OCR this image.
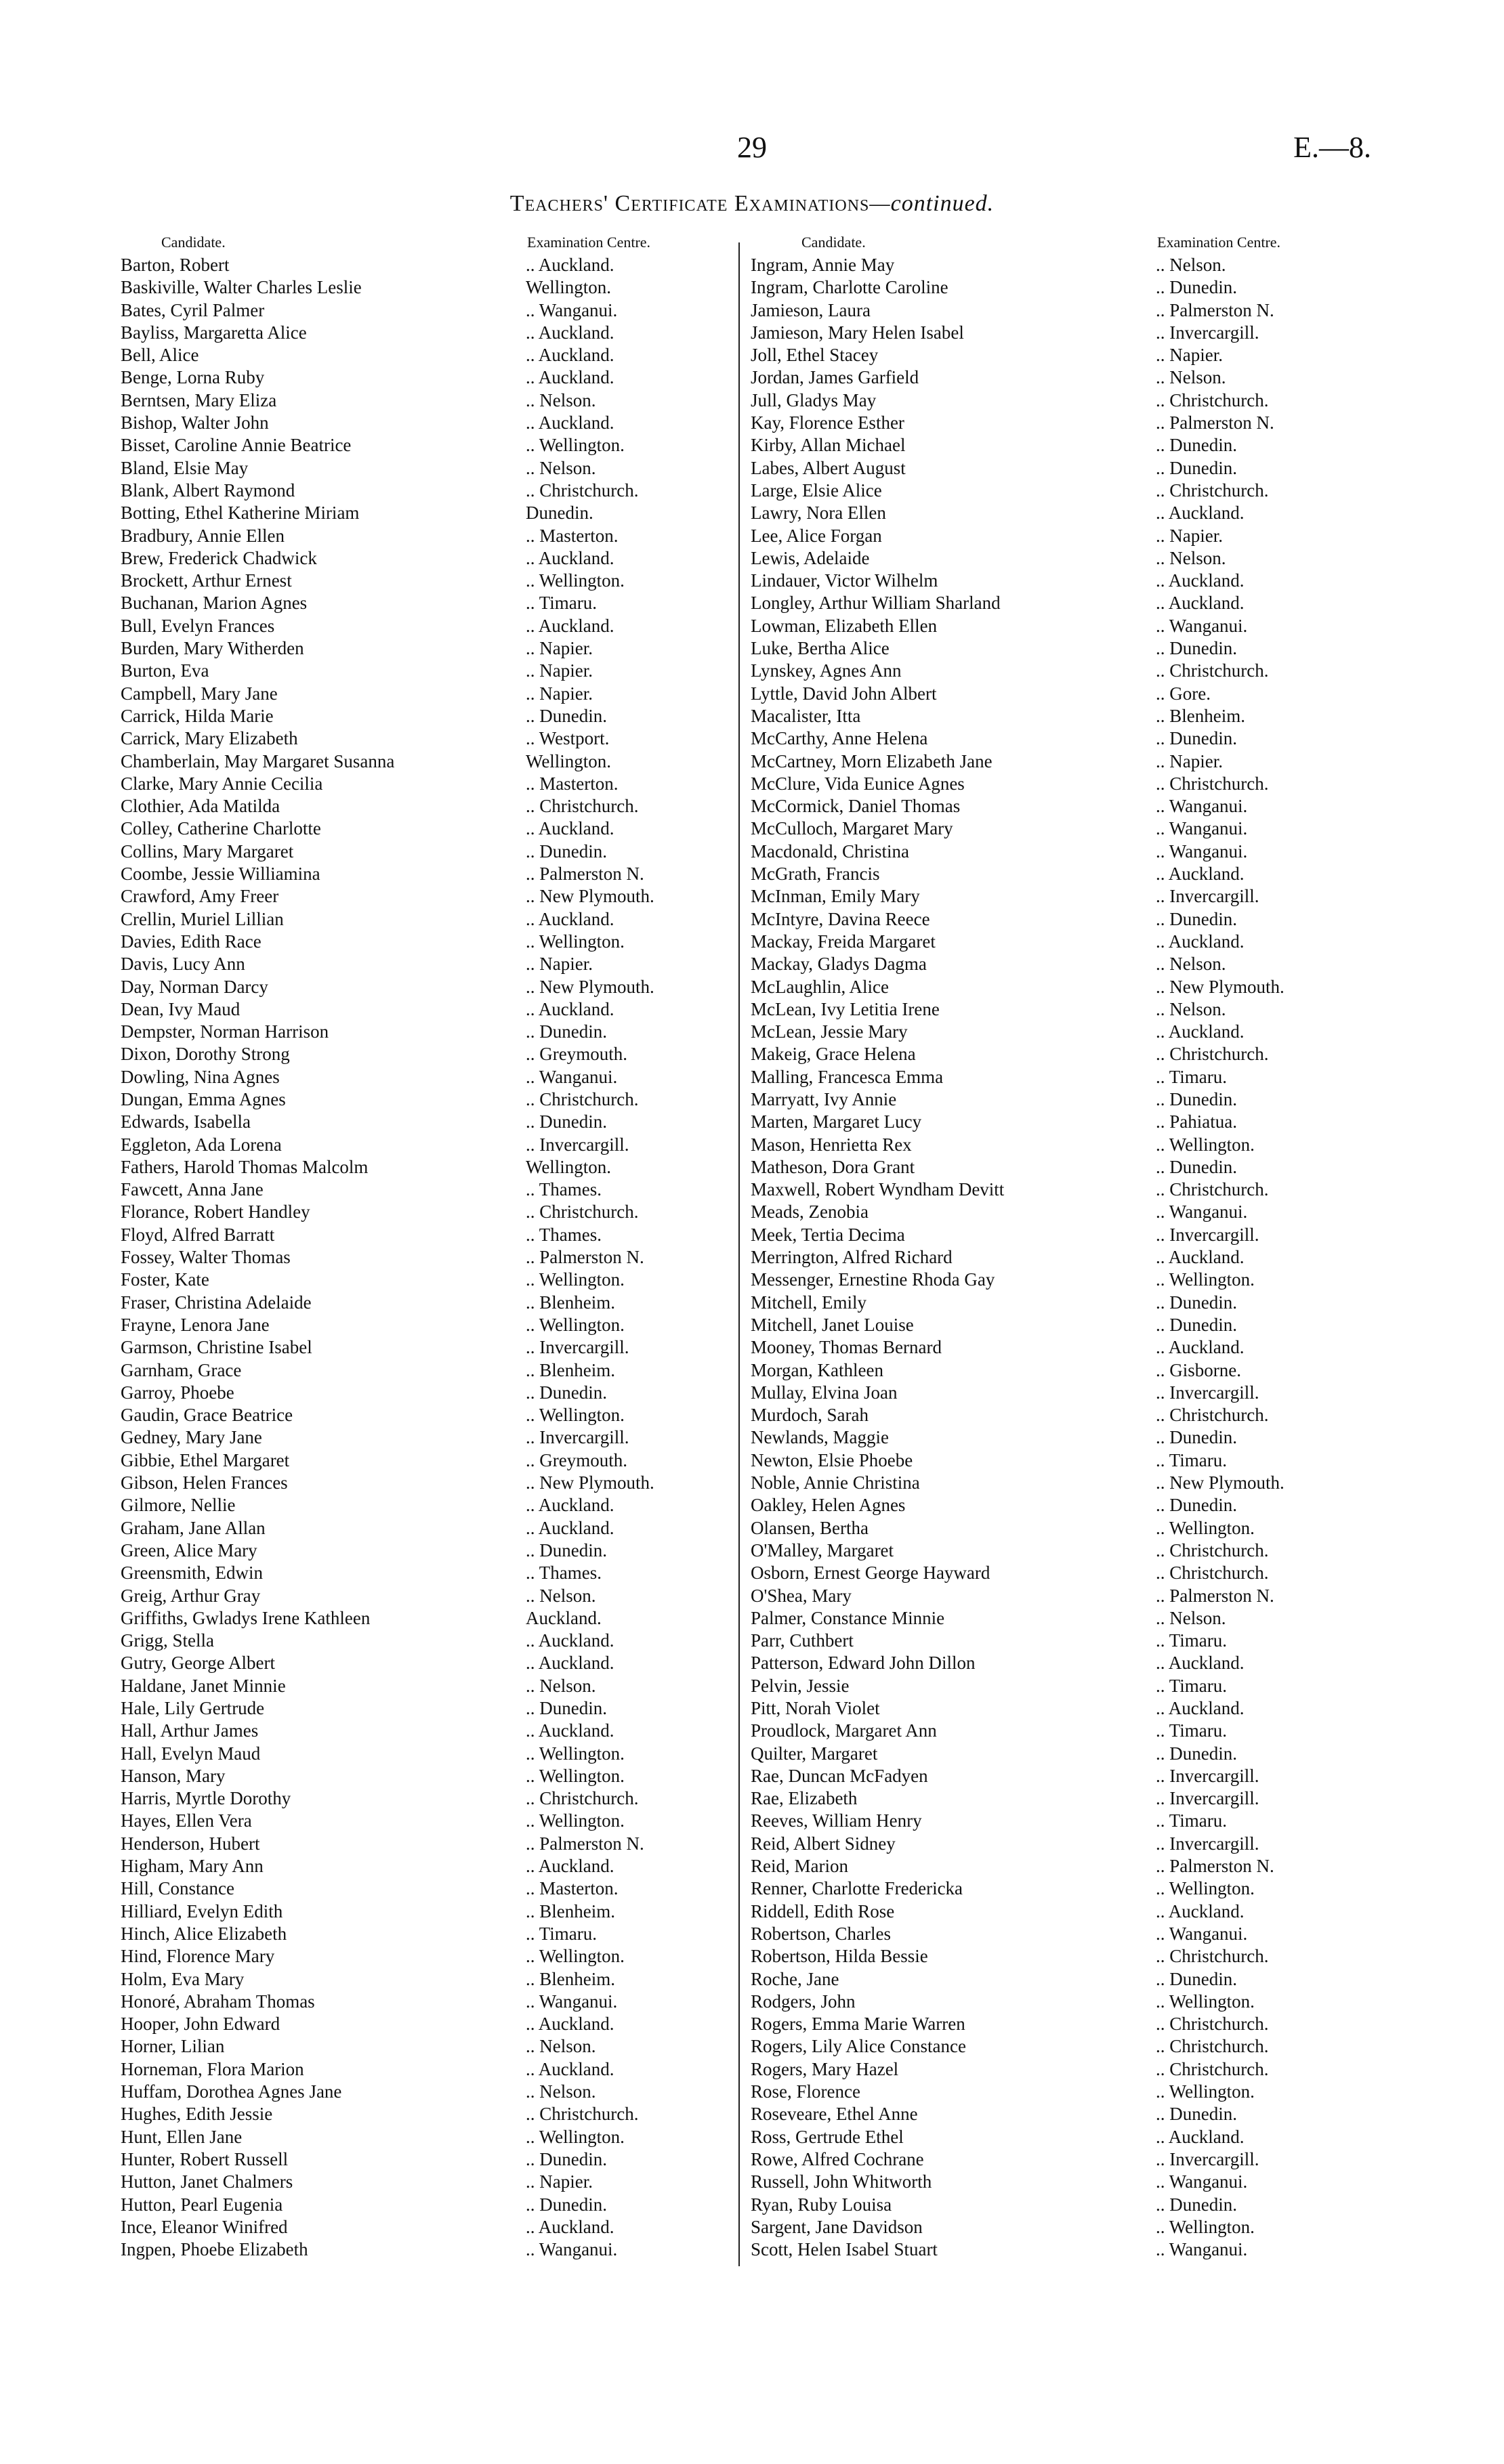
29	E.—8.
Teachers' Certificate Examinations—continued.
Candidate.	Examination Centre.
Barton, Robert	.. Auckland.
Baskiville, Walter Charles Leslie	Wellington.
Bates, Cyril Palmer	.. Wanganui.
Bayliss, Margaretta Alice	.. Auckland.
Bell, Alice	.. Auckland.
Benge, Lorna Ruby	.. Auckland.
Berntsen, Mary Eliza	.. Nelson.
Bishop, Walter John	.. Auckland.
Bisset, Caroline Annie Beatrice	.. Wellington.
Bland, Elsie May	.. Nelson.
Blank, Albert Raymond	.. Christchurch.
Botting, Ethel Katherine Miriam	Dunedin.
Bradbury, Annie Ellen	.. Masterton.
Brew, Frederick Chadwick	.. Auckland.
Brockett, Arthur Ernest	.. Wellington.
Buchanan, Marion Agnes	.. Timaru.
Bull, Evelyn Frances	.. Auckland.
Burden, Mary Witherden	.. Napier.
Burton, Eva	.. Napier.
Campbell, Mary Jane	.. Napier.
Carrick, Hilda Marie	.. Dunedin.
Carrick, Mary Elizabeth	.. Westport.
Chamberlain, May Margaret Susanna	Wellington.
Clarke, Mary Annie Cecilia	.. Masterton.
Clothier, Ada Matilda	.. Christchurch.
Colley, Catherine Charlotte	.. Auckland.
Collins, Mary Margaret	.. Dunedin.
Coombe, Jessie Williamina	.. Palmerston N.
Crawford, Amy Freer	.. New Plymouth.
Crellin, Muriel Lillian	.. Auckland.
Davies, Edith Race	.. Wellington.
Davis, Lucy Ann	.. Napier.
Day, Norman Darcy	.. New Plymouth.
Dean, Ivy Maud	.. Auckland.
Dempster, Norman Harrison	.. Dunedin.
Dixon, Dorothy Strong	.. Greymouth.
Dowling, Nina Agnes	.. Wanganui.
Dungan, Emma Agnes	.. Christchurch.
Edwards, Isabella	.. Dunedin.
Eggleton, Ada Lorena	.. Invercargill.
Fathers, Harold Thomas Malcolm	Wellington.
Fawcett, Anna Jane	.. Thames.
Florance, Robert Handley	.. Christchurch.
Floyd, Alfred Barratt	.. Thames.
Fossey, Walter Thomas	.. Palmerston N.
Foster, Kate	.. Wellington.
Fraser, Christina Adelaide	.. Blenheim.
Frayne, Lenora Jane	.. Wellington.
Garmson, Christine Isabel	.. Invercargill.
Garnham, Grace	.. Blenheim.
Garroy, Phoebe	.. Dunedin.
Gaudin, Grace Beatrice	.. Wellington.
Gedney, Mary Jane	.. Invercargill.
Gibbie, Ethel Margaret	.. Greymouth.
Gibson, Helen Frances	.. New Plymouth.
Gilmore, Nellie	.. Auckland.
Graham, Jane Allan	.. Auckland.
Green, Alice Mary	.. Dunedin.
Greensmith, Edwin	.. Thames.
Greig, Arthur Gray	.. Nelson.
Griffiths, Gwladys Irene Kathleen	Auckland.
Grigg, Stella	.. Auckland.
Gutry, George Albert	.. Auckland.
Haldane, Janet Minnie	.. Nelson.
Hale, Lily Gertrude	.. Dunedin.
Hall, Arthur James	.. Auckland.
Hall, Evelyn Maud	.. Wellington.
Hanson, Mary	.. Wellington.
Harris, Myrtle Dorothy	.. Christchurch.
Hayes, Ellen Vera	.. Wellington.
Henderson, Hubert	.. Palmerston N.
Higham, Mary Ann	.. Auckland.
Hill, Constance	.. Masterton.
Hilliard, Evelyn Edith	.. Blenheim.
Hinch, Alice Elizabeth	.. Timaru.
Hind, Florence Mary	.. Wellington.
Holm, Eva Mary	.. Blenheim.
Honoré, Abraham Thomas	.. Wanganui.
Hooper, John Edward	.. Auckland.
Horner, Lilian	.. Nelson.
Horneman, Flora Marion	.. Auckland.
Huffam, Dorothea Agnes Jane	.. Nelson.
Hughes, Edith Jessie	.. Christchurch.
Hunt, Ellen Jane	.. Wellington.
Hunter, Robert Russell	.. Dunedin.
Hutton, Janet Chalmers	.. Napier.
Hutton, Pearl Eugenia	.. Dunedin.
Ince, Eleanor Winifred	.. Auckland.
Ingpen, Phoebe Elizabeth	.. Wanganui.
Candidate.	Examination Centre.
Ingram, Annie May	.. Nelson.
Ingram, Charlotte Caroline	.. Dunedin.
Jamieson, Laura	.. Palmerston N.
Jamieson, Mary Helen Isabel	.. Invercargill.
Joll, Ethel Stacey	.. Napier.
Jordan, James Garfield	.. Nelson.
Jull, Gladys May	.. Christchurch.
Kay, Florence Esther	.. Palmerston N.
Kirby, Allan Michael	.. Dunedin.
Labes, Albert August	.. Dunedin.
Large, Elsie Alice	.. Christchurch.
Lawry, Nora Ellen	.. Auckland.
Lee, Alice Forgan	.. Napier.
Lewis, Adelaide	.. Nelson.
Lindauer, Victor Wilhelm	.. Auckland.
Longley, Arthur William Sharland	.. Auckland.
Lowman, Elizabeth Ellen	.. Wanganui.
Luke, Bertha Alice	.. Dunedin.
Lynskey, Agnes Ann	.. Christchurch.
Lyttle, David John Albert	.. Gore.
Macalister, Itta	.. Blenheim.
McCarthy, Anne Helena	.. Dunedin.
McCartney, Morn Elizabeth Jane	.. Napier.
McClure, Vida Eunice Agnes	.. Christchurch.
McCormick, Daniel Thomas	.. Wanganui.
McCulloch, Margaret Mary	.. Wanganui.
Macdonald, Christina	.. Wanganui.
McGrath, Francis	.. Auckland.
McInman, Emily Mary	.. Invercargill.
McIntyre, Davina Reece	.. Dunedin.
Mackay, Freida Margaret	.. Auckland.
Mackay, Gladys Dagma	.. Nelson.
McLaughlin, Alice	.. New Plymouth.
McLean, Ivy Letitia Irene	.. Nelson.
McLean, Jessie Mary	.. Auckland.
Makeig, Grace Helena	.. Christchurch.
Malling, Francesca Emma	.. Timaru.
Marryatt, Ivy Annie	.. Dunedin.
Marten, Margaret Lucy	.. Pahiatua.
Mason, Henrietta Rex	.. Wellington.
Matheson, Dora Grant	.. Dunedin.
Maxwell, Robert Wyndham Devitt	.. Christchurch.
Meads, Zenobia	.. Wanganui.
Meek, Tertia Decima	.. Invercargill.
Merrington, Alfred Richard	.. Auckland.
Messenger, Ernestine Rhoda Gay	.. Wellington.
Mitchell, Emily	.. Dunedin.
Mitchell, Janet Louise	.. Dunedin.
Mooney, Thomas Bernard	.. Auckland.
Morgan, Kathleen	.. Gisborne.
Mullay, Elvina Joan	.. Invercargill.
Murdoch, Sarah	.. Christchurch.
Newlands, Maggie	.. Dunedin.
Newton, Elsie Phoebe	.. Timaru.
Noble, Annie Christina	.. New Plymouth.
Oakley, Helen Agnes	.. Dunedin.
Olansen, Bertha	.. Wellington.
O'Malley, Margaret	.. Christchurch.
Osborn, Ernest George Hayward	.. Christchurch.
O'Shea, Mary	.. Palmerston N.
Palmer, Constance Minnie	.. Nelson.
Parr, Cuthbert	.. Timaru.
Patterson, Edward John Dillon	.. Auckland.
Pelvin, Jessie	.. Timaru.
Pitt, Norah Violet	.. Auckland.
Proudlock, Margaret Ann	.. Timaru.
Quilter, Margaret	.. Dunedin.
Rae, Duncan McFadyen	.. Invercargill.
Rae, Elizabeth	.. Invercargill.
Reeves, William Henry	.. Timaru.
Reid, Albert Sidney	.. Invercargill.
Reid, Marion	.. Palmerston N.
Renner, Charlotte Fredericka	.. Wellington.
Riddell, Edith Rose	.. Auckland.
Robertson, Charles	.. Wanganui.
Robertson, Hilda Bessie	.. Christchurch.
Roche, Jane	.. Dunedin.
Rodgers, John	.. Wellington.
Rogers, Emma Marie Warren	.. Christchurch.
Rogers, Lily Alice Constance	.. Christchurch.
Rogers, Mary Hazel	.. Christchurch.
Rose, Florence	.. Wellington.
Roseveare, Ethel Anne	.. Dunedin.
Ross, Gertrude Ethel	.. Auckland.
Rowe, Alfred Cochrane	.. Invercargill.
Russell, John Whitworth	.. Wanganui.
Ryan, Ruby Louisa	.. Dunedin.
Sargent, Jane Davidson	.. Wellington.
Scott, Helen Isabel Stuart	.. Wanganui.
